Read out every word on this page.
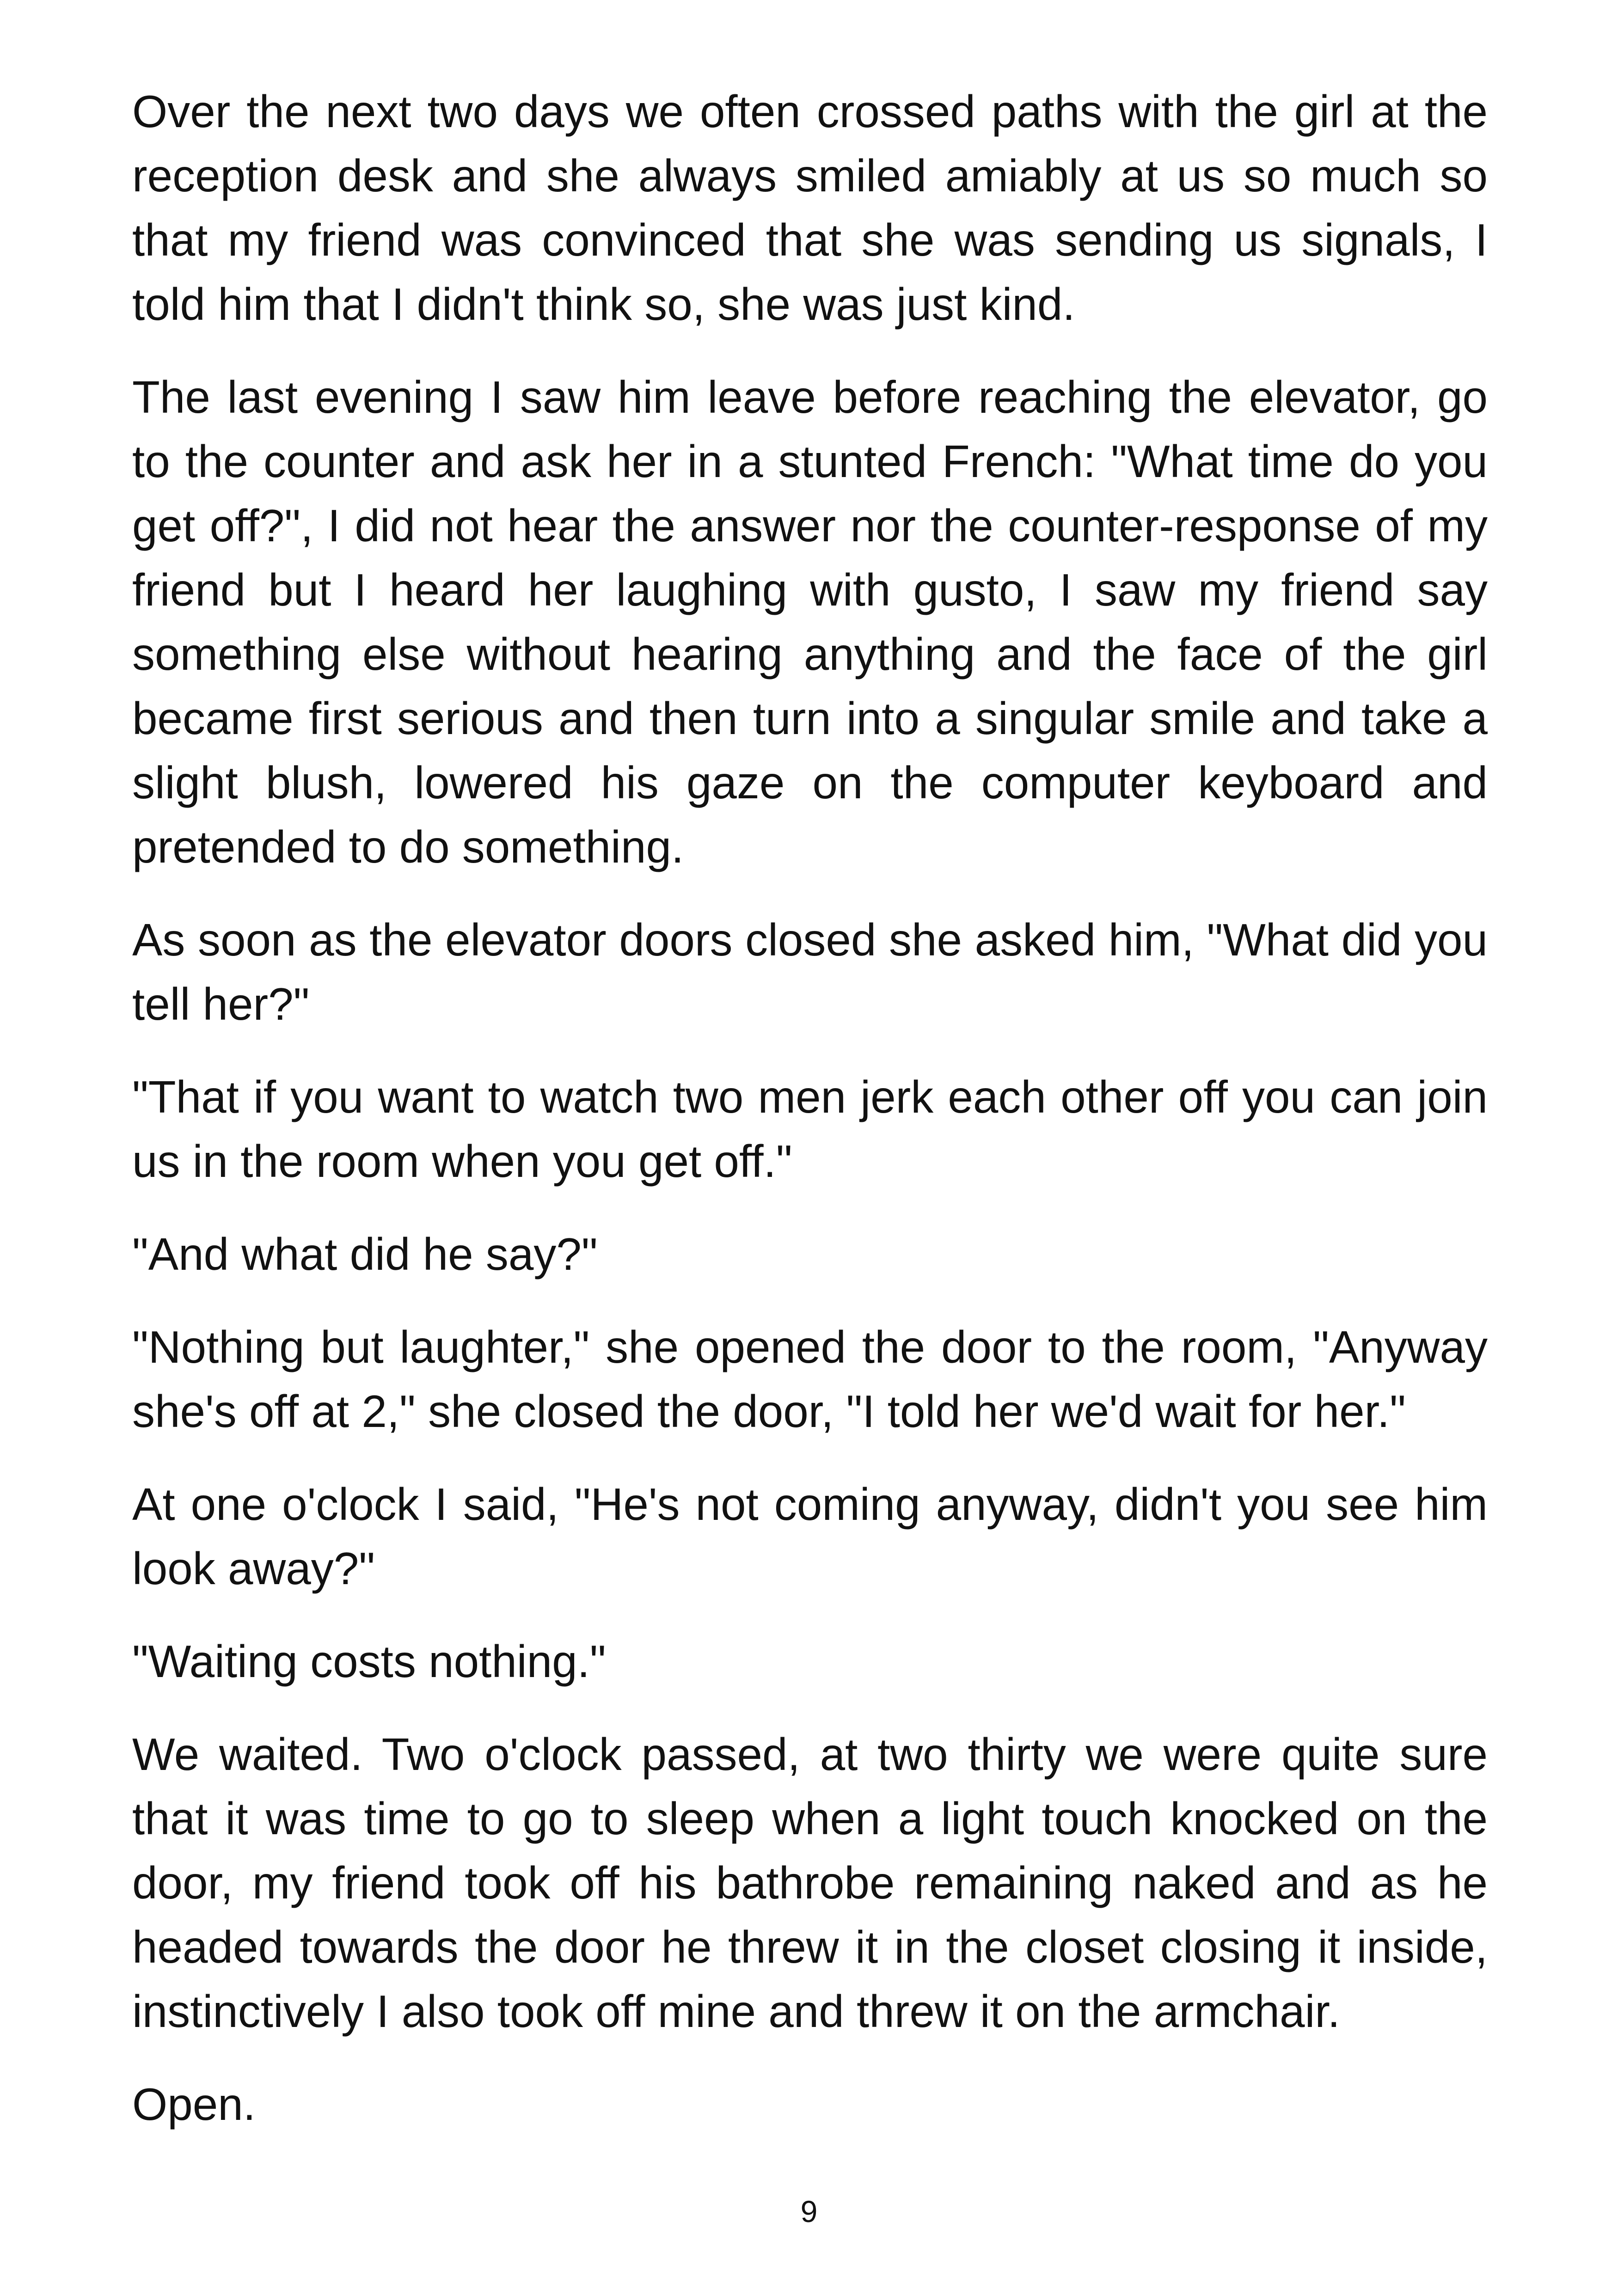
Over the next two days we often crossed paths with the girl at the reception desk and she always smiled amiably at us so much so that my friend was convinced that she was sending us signals, I told him that I didn't think so, she was just kind.

The last evening I saw him leave before reaching the elevator, go to the counter and ask her in a stunted French: "What time do you get off?", I did not hear the answer nor the counter-response of my friend but I heard her laughing with gusto, I saw my friend say something else without hearing anything and the face of the girl became first serious and then turn into a singular smile and take a slight blush, lowered his gaze on the computer keyboard and pretended to do something.

As soon as the elevator doors closed she asked him, "What did you tell her?"

"That if you want to watch two men jerk each other off you can join us in the room when you get off."

"And what did he say?"

"Nothing but laughter," she opened the door to the room, "Anyway she's off at 2," she closed the door, "I told her we'd wait for her."

At one o'clock I said, "He's not coming anyway, didn't you see him look away?"

"Waiting costs nothing."

We waited. Two o'clock passed, at two thirty we were quite sure that it was time to go to sleep when a light touch knocked on the door, my friend took off his bathrobe remaining naked and as he headed towards the door he threw it in the closet closing it inside, instinctively I also took off mine and threw it on the armchair.

Open.

9
